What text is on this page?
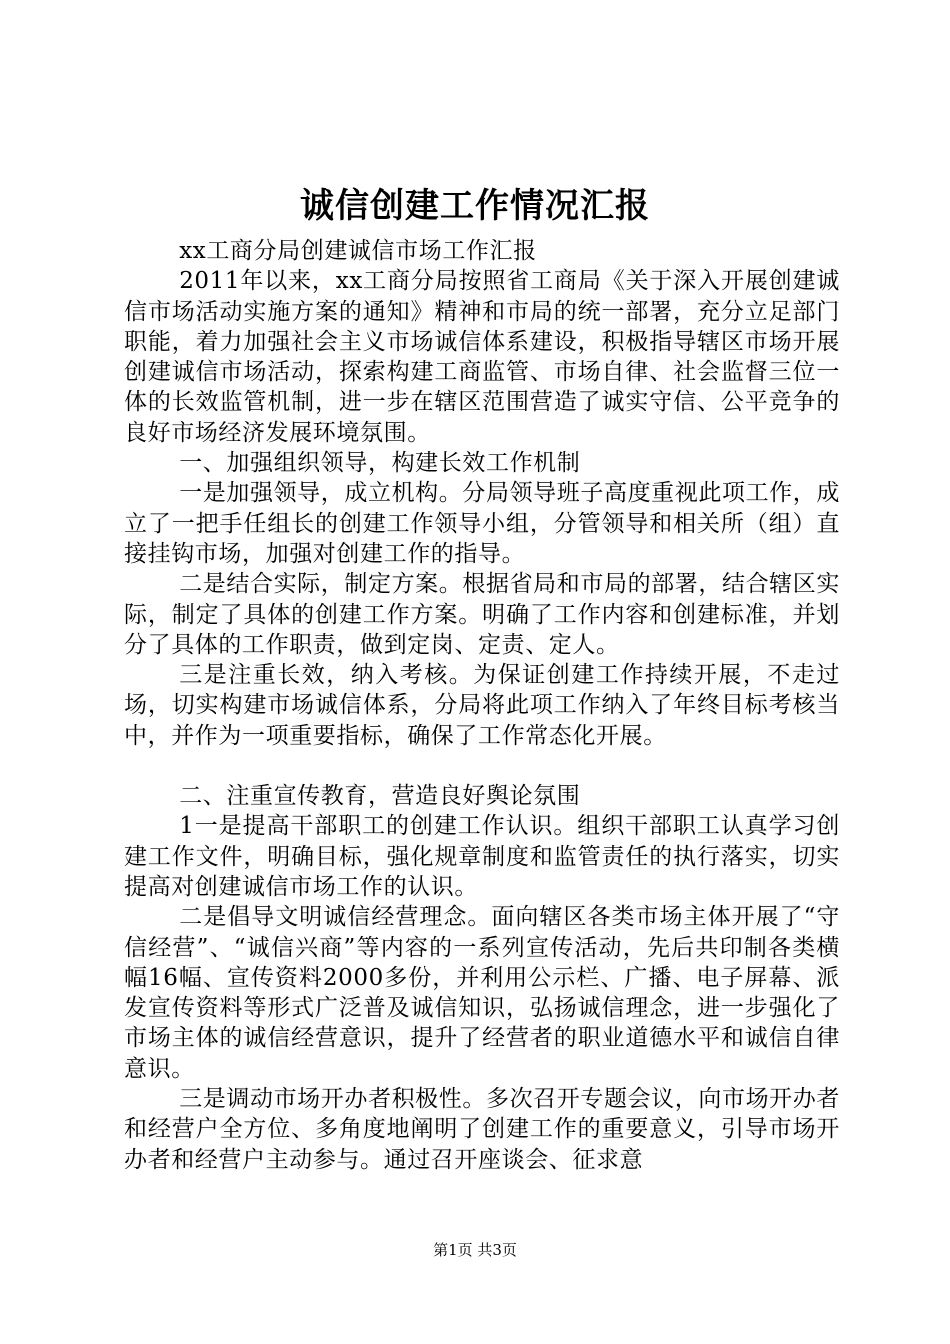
诚信创建工作情况汇报

xx工商分局创建诚信市场工作汇报

2011年以来，xx工商分局按照省工商局《关于深入开展创建诚信市场活动实施方案的通知》精神和市局的统一部署，充分立足部门职能，着力加强社会主义市场诚信体系建设，积极指导辖区市场开展创建诚信市场活动，探索构建工商监管、市场自律、社会监督三位一体的长效监管机制，进一步在辖区范围营造了诚实守信、公平竞争的良好市场经济发展环境氛围。

一、加强组织领导，构建长效工作机制

一是加强领导，成立机构。分局领导班子高度重视此项工作，成立了一把手任组长的创建工作领导小组，分管领导和相关所（组）直接挂钩市场，加强对创建工作的指导。

二是结合实际，制定方案。根据省局和市局的部署，结合辖区实际，制定了具体的创建工作方案。明确了工作内容和创建标准，并划分了具体的工作职责，做到定岗、定责、定人。

三是注重长效，纳入考核。为保证创建工作持续开展，不走过场，切实构建市场诚信体系，分局将此项工作纳入了年终目标考核当中，并作为一项重要指标，确保了工作常态化开展。

二、注重宣传教育，营造良好舆论氛围

1一是提高干部职工的创建工作认识。组织干部职工认真学习创建工作文件，明确目标，强化规章制度和监管责任的执行落实，切实提高对创建诚信市场工作的认识。

二是倡导文明诚信经营理念。面向辖区各类市场主体开展了“守信经营”、“诚信兴商”等内容的一系列宣传活动，先后共印制各类横幅16幅、宣传资料2000多份，并利用公示栏、广播、电子屏幕、派发宣传资料等形式广泛普及诚信知识，弘扬诚信理念，进一步强化了市场主体的诚信经营意识，提升了经营者的职业道德水平和诚信自律意识。

三是调动市场开办者积极性。多次召开专题会议，向市场开办者和经营户全方位、多角度地阐明了创建工作的重要意义，引导市场开办者和经营户主动参与。通过召开座谈会、征求意

第1页 共3页
